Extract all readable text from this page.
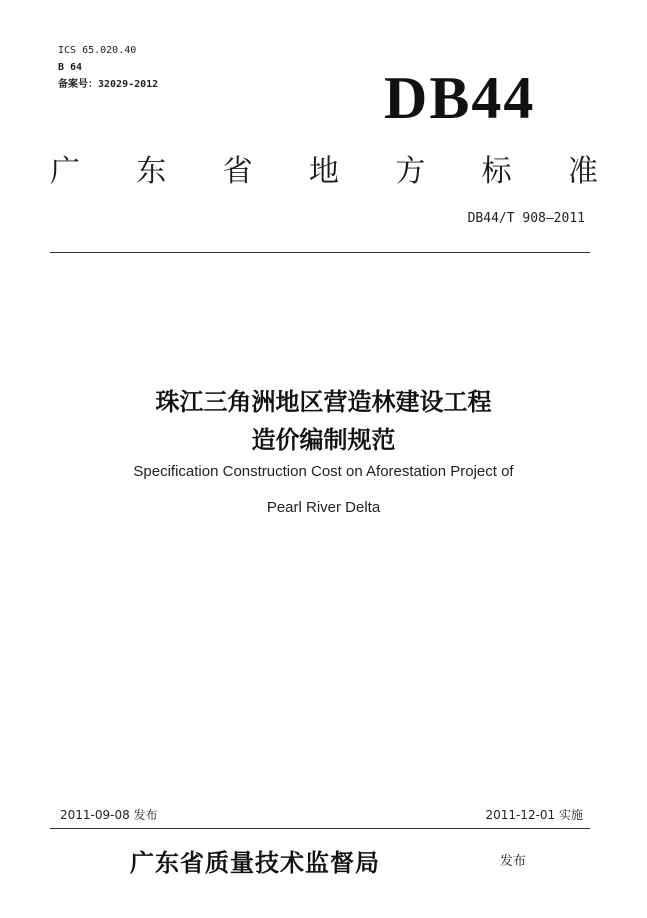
ICS 65.020.40
B 64
备案号：32029-2012	DB44
广 东 省 地 方 标 准
DB44/T 908—2011
珠江三角洲地区营造林建设工程
造价编制规范
Specification Construction Cost on Aforestation Project of
Pearl River Delta
2011-09-08 发布	2011-12-01 实施
广东省质量技术监督局	发布
